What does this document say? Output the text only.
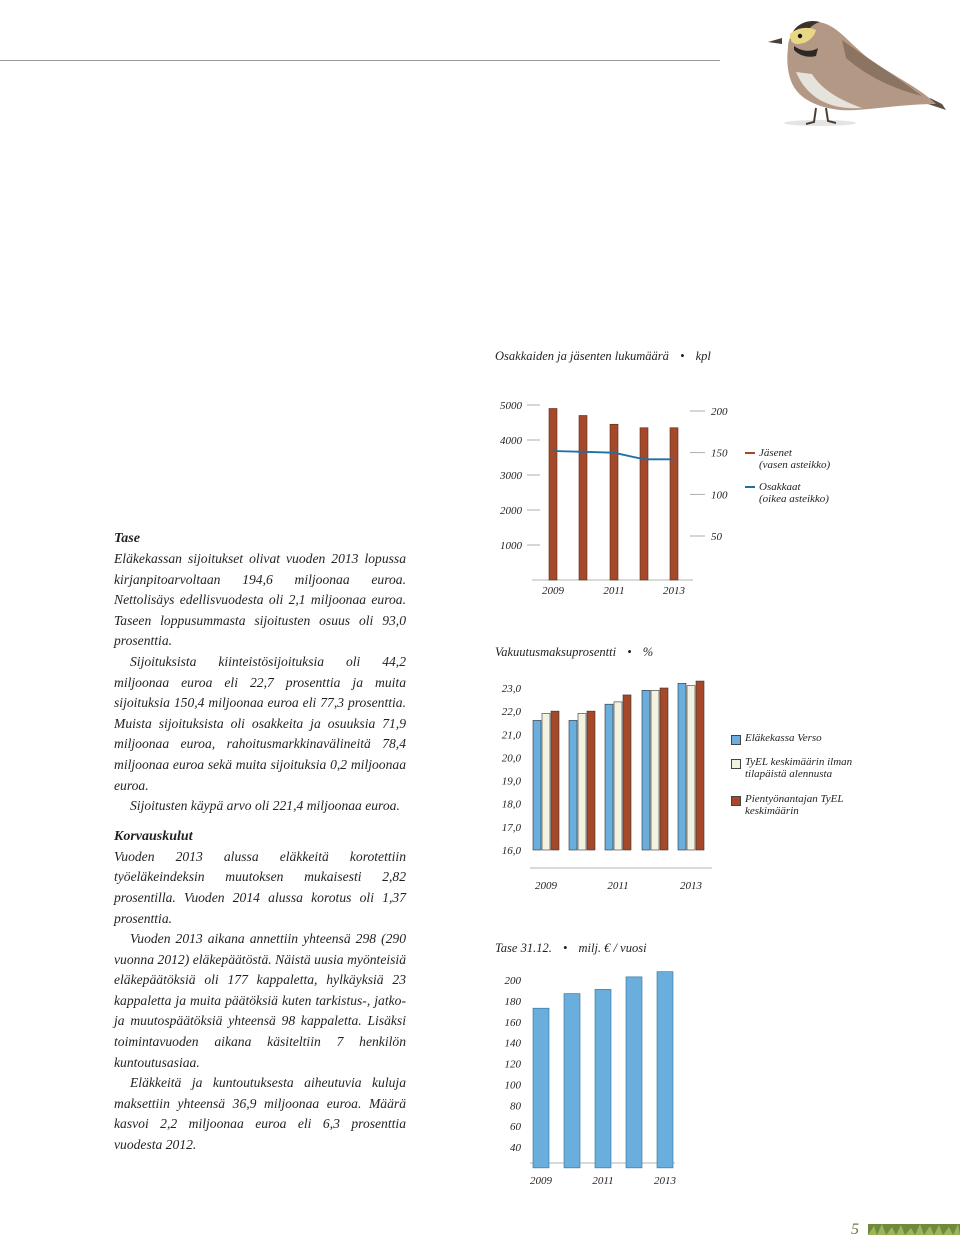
Tase

Eläkekassan sijoitukset olivat vuoden 2013 lopussa kirjanpitoarvoltaan 194,6 miljoonaa euroa. Nettolisäys edellisvuodesta oli 2,1 miljoonaa euroa. Taseen loppusummasta sijoitusten osuus oli 93,0 prosenttia.

Sijoituksista kiinteistösijoituksia oli 44,2 miljoonaa euroa eli 22,7 prosenttia ja muita sijoituksia 150,4 miljoonaa euroa eli 77,3 prosenttia. Muista sijoituksista oli osakkeita ja osuuksia 71,9 miljoonaa euroa, rahoitusmarkkinavälineitä 78,4 miljoonaa euroa sekä muita sijoituksia 0,2 miljoonaa euroa.

Sijoitusten käypä arvo oli 221,4 miljoonaa euroa.

Korvauskulut

Vuoden 2013 alussa eläkkeitä korotettiin työeläkeindeksin muutoksen mukaisesti 2,82 prosentilla. Vuoden 2014 alussa korotus oli 1,37 prosenttia.

Vuoden 2013 aikana annettiin yhteensä 298 (290 vuonna 2012) eläkepäätöstä. Näistä uusia myönteisiä eläkepäätöksiä oli 177 kappaletta, hylkäyksiä 23 kappaletta ja muita päätöksiä kuten tarkistus-, jatko- ja muutospäätöksiä yhteensä 98 kappaletta. Lisäksi toimintavuoden aikana käsiteltiin 7 henkilön kuntoutusasiaa.

Eläkkeitä ja kuntoutuksesta aiheutuvia kuluja maksettiin yhteensä 36,9 miljoonaa euroa. Määrä kasvoi 2,2 miljoonaa euroa eli 6,3 prosenttia vuodesta 2012.

Osakkaiden ja jäsenten lukumäärä • kpl
5000
4000
3000
2000
1000
200
150
100
50
2009	2011	2013
Jäsenet
(vasen asteikko)
Osakkaat
(oikea asteikko)
Vakuutusmaksuprosentti • %
23,0
22,0
21,0
20,0
19,0
18,0
17,0
16,0
2009	2011	2013
Eläkekassa Verso
TyEL keskimäärin ilman
tilapäistä alennusta
Pientyönantajan TyEL
keskimäärin
Tase 31.12. • milj. € / vuosi
200
180
160
140
120
100
80
60
40
2009	2011	2013
5
